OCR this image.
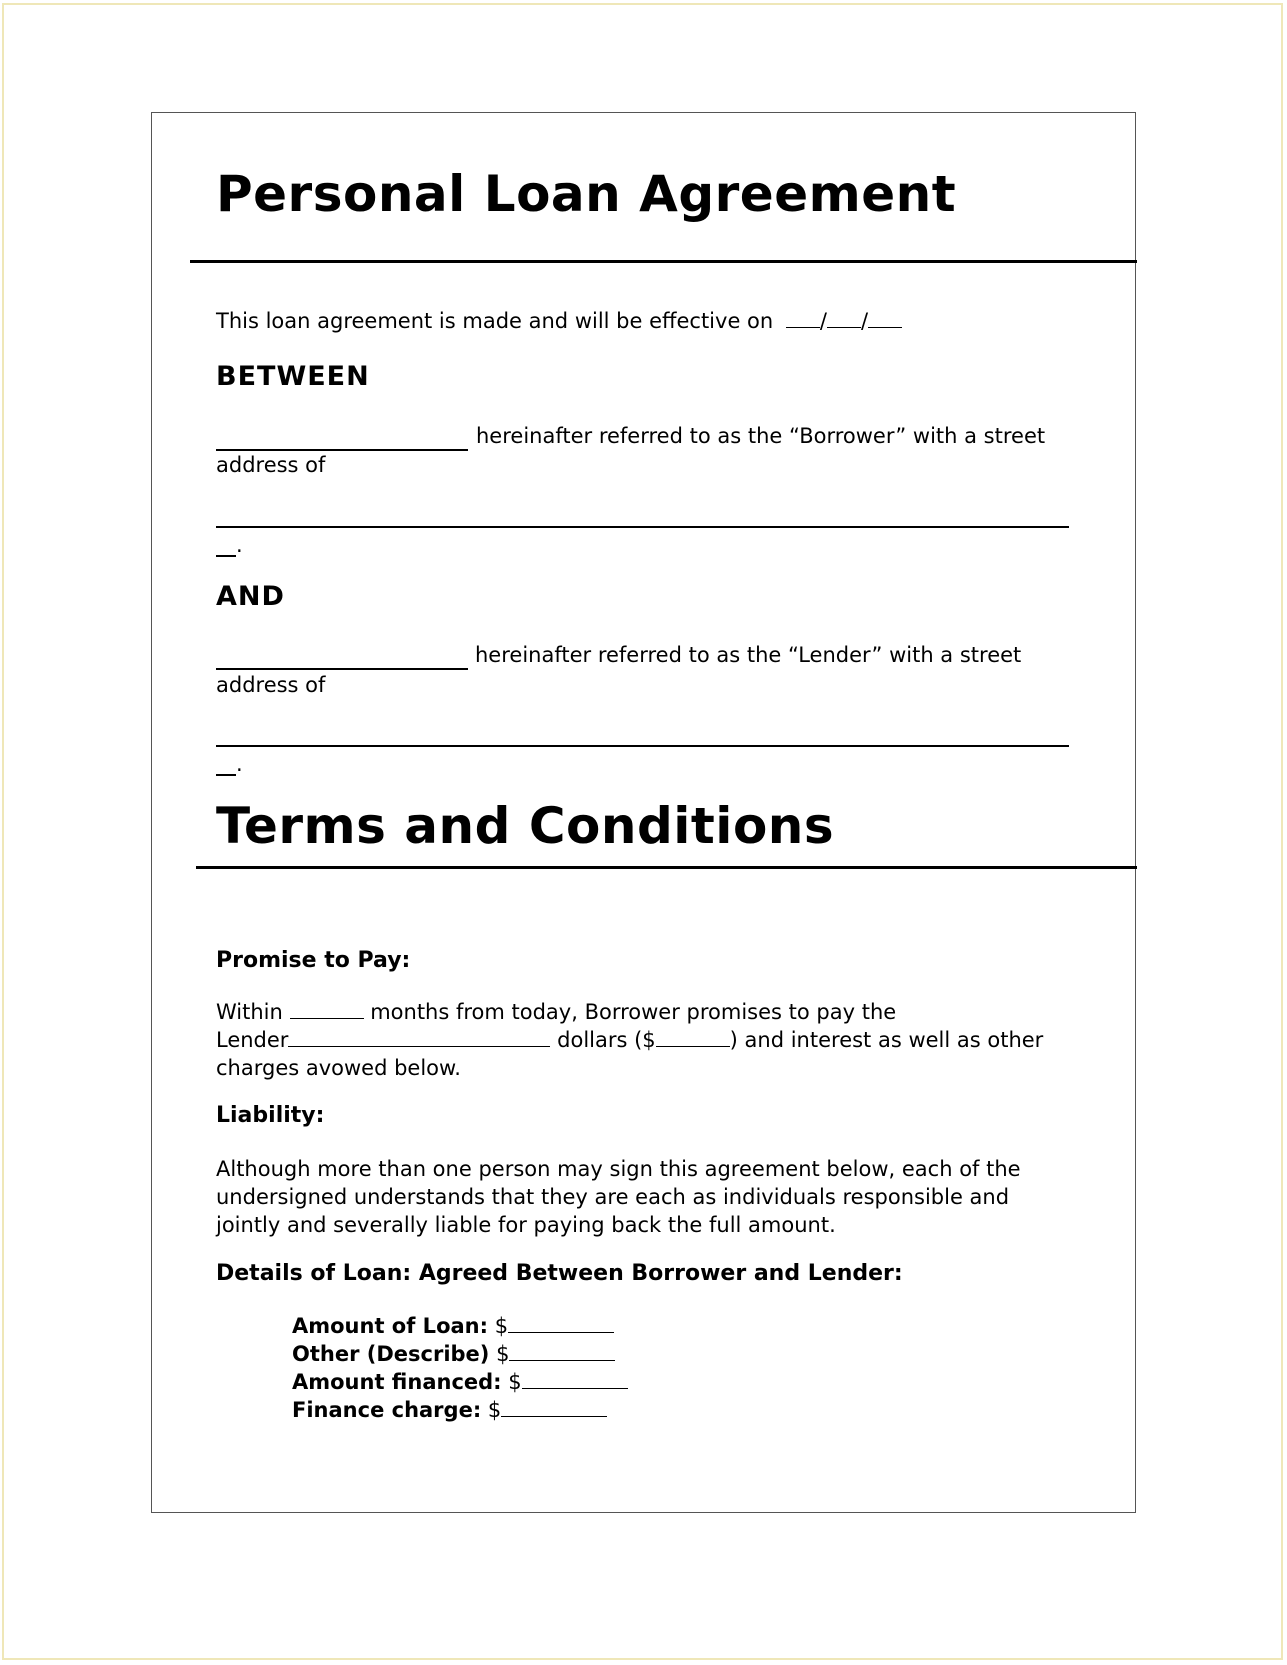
Personal Loan Agreement
This loan agreement is made and will be effective on / /
BETWEEN
hereinafter referred to as the “Borrower” with a street
address of
.
AND
hereinafter referred to as the “Lender” with a street
address of
.
Terms and Conditions
Promise to Pay:
Within	months from today, Borrower promises to pay the
Lender	dollars ($	) and interest as well as other
charges avowed below.
Liability:
Although more than one person may sign this agreement below, each of the
undersigned understands that they are each as individuals responsible and
jointly and severally liable for paying back the full amount.
Details of Loan: Agreed Between Borrower and Lender:
Amount of Loan: $
Other (Describe) $
Amount financed: $
Finance charge: $
